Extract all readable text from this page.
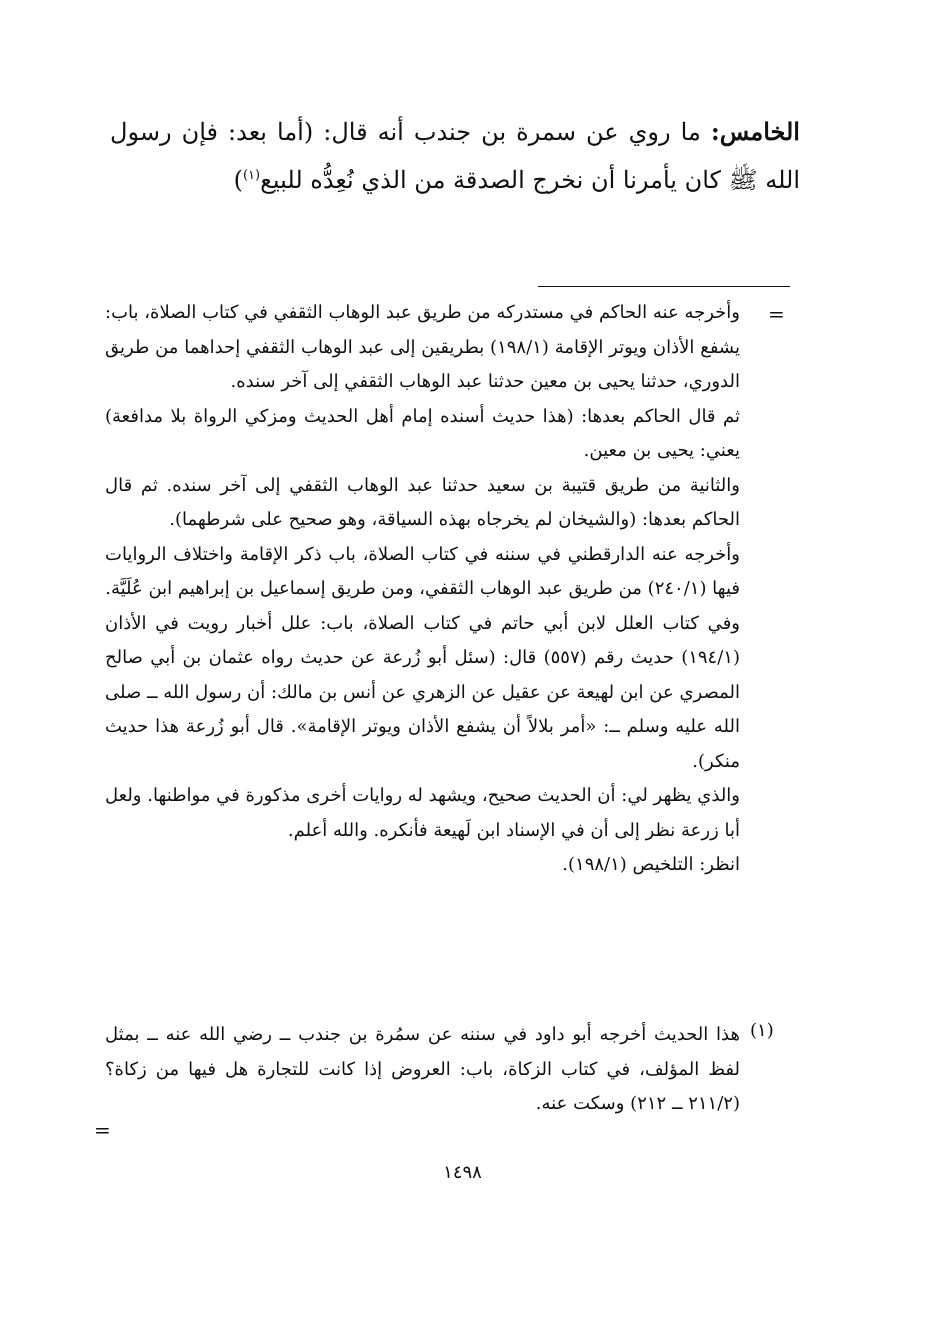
الخامس: ما روي عن سمرة بن جندب أنه قال: (أما بعد: فإن رسول الله ﷺ كان يأمرنا أن نخرج الصدقة من الذي نُعِدُّه للبيع$^{(١)}$)
=

وأخرجه عنه الحاكم في مستدركه من طريق عبد الوهاب الثقفي في كتاب الصلاة، باب: يشفع الأذان ويوتر الإقامة (١٩٨/١) بطريقين إلى عبد الوهاب الثقفي إحداهما من طريق الدوري، حدثنا يحيى بن معين حدثنا عبد الوهاب الثقفي إلى آخر سنده.

ثم قال الحاكم بعدها: (هذا حديث أسنده إمام أهل الحديث ومزكي الرواة بلا مدافعة) يعني: يحيى بن معين.

والثانية من طريق قتيبة بن سعيد حدثنا عبد الوهاب الثقفي إلى آخر سنده. ثم قال الحاكم بعدها: (والشيخان لم يخرجاه بهذه السياقة، وهو صحيح على شرطهما).

وأخرجه عنه الدارقطني في سننه في كتاب الصلاة، باب ذكر الإقامة واختلاف الروايات فيها (٢٤٠/١) من طريق عبد الوهاب الثقفي، ومن طريق إسماعيل بن إبراهيم ابن عُلَيَّة.

وفي كتاب العلل لابن أبي حاتم في كتاب الصلاة، باب: علل أخبار رويت في الأذان (١٩٤/١) حديث رقم (٥٥٧) قال: (سئل أبو زُرعة عن حديث رواه عثمان بن أبي صالح المصري عن ابن لهيعة عن عقيل عن الزهري عن أنس بن مالك: أن رسول الله ــ صلى الله عليه وسلم ــ: «أمر بلالاً أن يشفع الأذان ويوتر الإقامة». قال أبو زُرعة هذا حديث منكر).

والذي يظهر لي: أن الحديث صحيح، ويشهد له روايات أخرى مذكورة في مواطنها. ولعل أبا زرعة نظر إلى أن في الإسناد ابن لَهيعة فأنكره. والله أعلم.

انظر: التلخيص (١٩٨/١).

(١)

هذا الحديث أخرجه أبو داود في سننه عن سمُرة بن جندب ــ رضي الله عنه ــ بمثل لفظ المؤلف، في كتاب الزكاة، باب: العروض إذا كانت للتجارة هل فيها من زكاة؟ (٢١١/٢ ــ ٢١٢) وسكت عنه.

=
١٤٩٨
